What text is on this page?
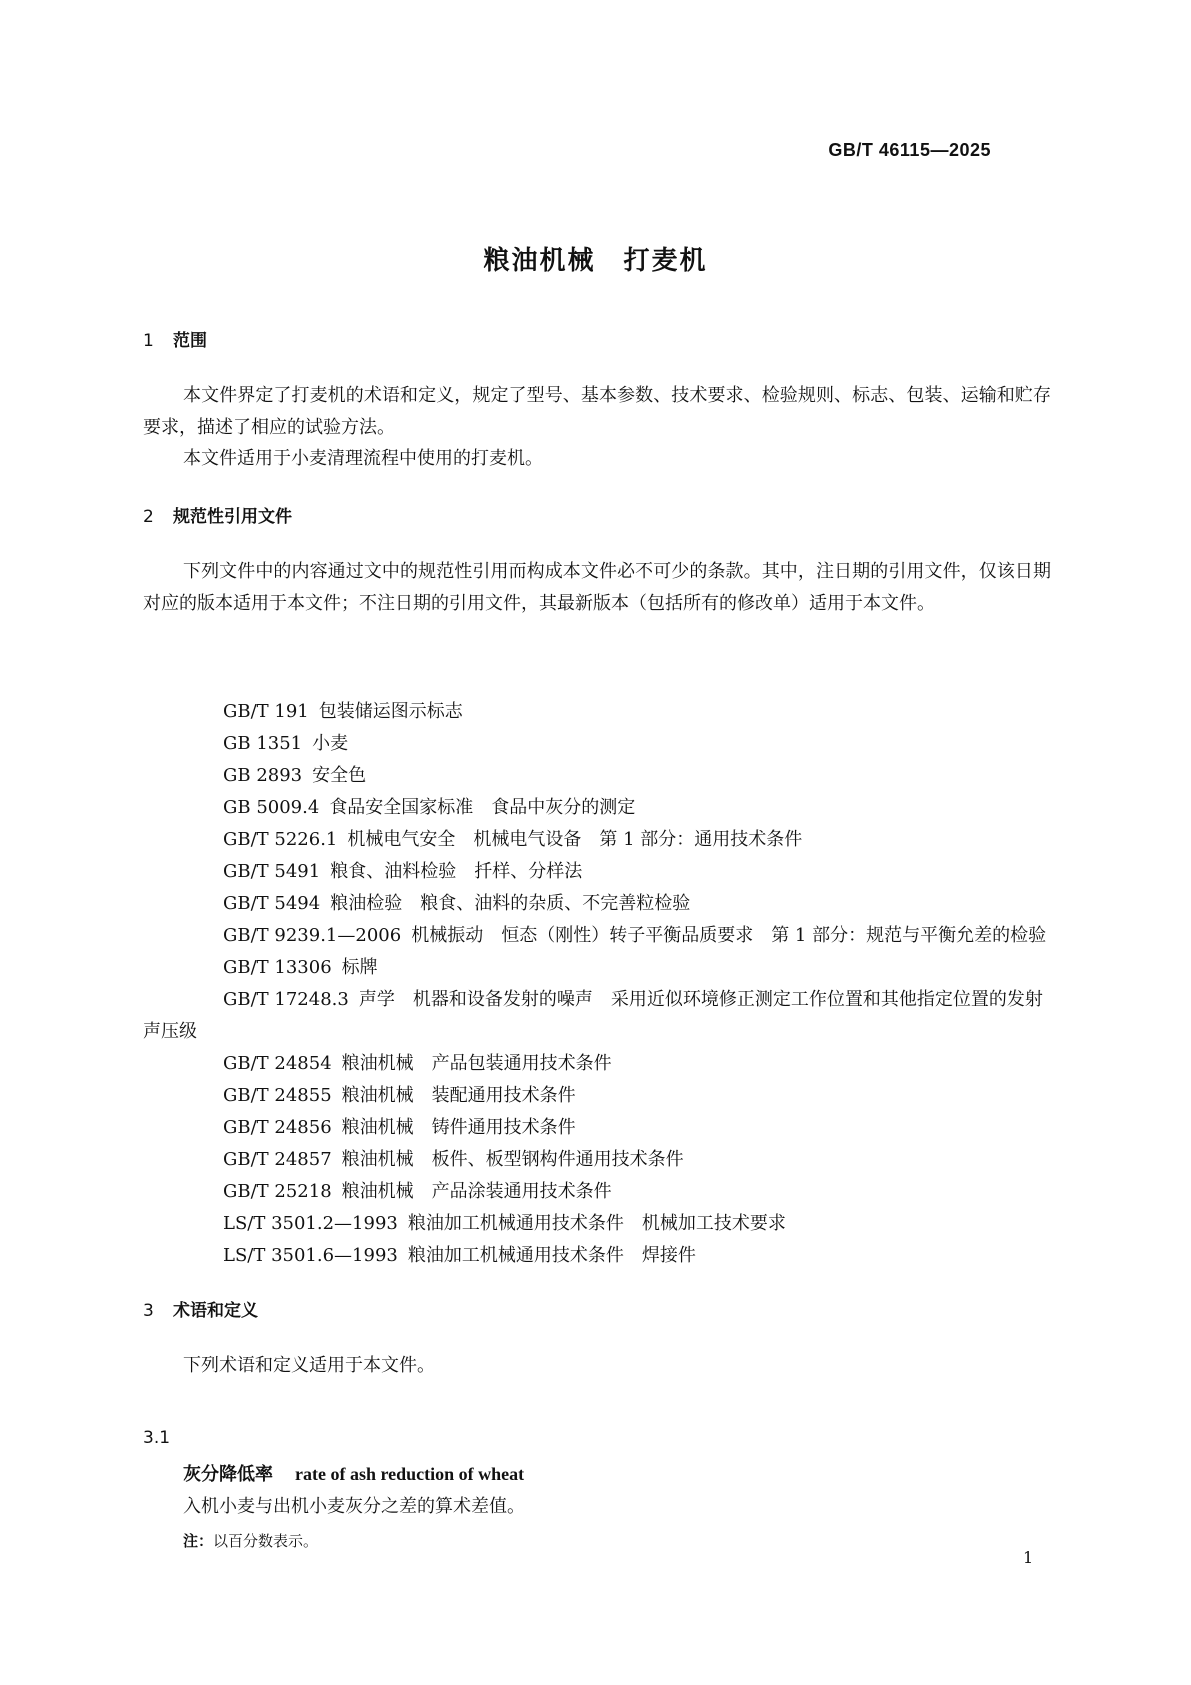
GB/T 46115—2025
粮油机械　打麦机
1 范围
本文件界定了打麦机的术语和定义，规定了型号、基本参数、技术要求、检验规则、标志、包装、运输和贮存要求，描述了相应的试验方法。
本文件适用于小麦清理流程中使用的打麦机。
2 规范性引用文件
下列文件中的内容通过文中的规范性引用而构成本文件必不可少的条款。其中，注日期的引用文件，仅该日期对应的版本适用于本文件；不注日期的引用文件，其最新版本（包括所有的修改单）适用于本文件。
GB/T 191 包装储运图示标志
GB 1351 小麦
GB 2893 安全色
GB 5009.4 食品安全国家标准　食品中灰分的测定
GB/T 5226.1 机械电气安全　机械电气设备　第 1 部分：通用技术条件
GB/T 5491 粮食、油料检验　扦样、分样法
GB/T 5494 粮油检验　粮食、油料的杂质、不完善粒检验
GB/T 9239.1—2006 机械振动　恒态（刚性）转子平衡品质要求　第 1 部分：规范与平衡允差的检验
GB/T 13306 标牌
GB/T 17248.3 声学　机器和设备发射的噪声　采用近似环境修正测定工作位置和其他指定位置的发射声压级
GB/T 24854 粮油机械　产品包装通用技术条件
GB/T 24855 粮油机械　装配通用技术条件
GB/T 24856 粮油机械　铸件通用技术条件
GB/T 24857 粮油机械　板件、板型钢构件通用技术条件
GB/T 25218 粮油机械　产品涂装通用技术条件
LS/T 3501.2—1993 粮油加工机械通用技术条件　机械加工技术要求
LS/T 3501.6—1993 粮油加工机械通用技术条件　焊接件
3 术语和定义
下列术语和定义适用于本文件。
3.1
灰分降低率 rate of ash reduction of wheat
入机小麦与出机小麦灰分之差的算术差值。
注：以百分数表示。
1
